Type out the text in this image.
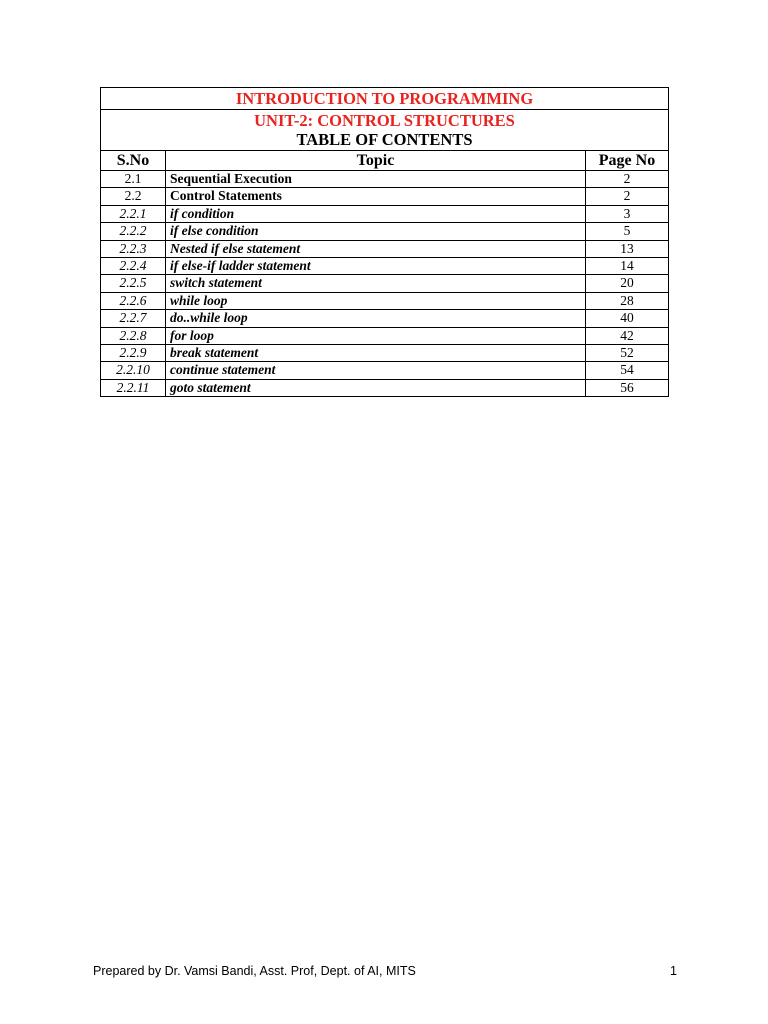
INTRODUCTION TO PROGRAMMING		
UNIT-2: CONTROL STRUCTURES
TABLE OF CONTENTS		

S.No	Topic	Page No
2.1	Sequential Execution	2
2.2	Control Statements	2
2.2.1	if condition	3
2.2.2	if else condition	5
2.2.3	Nested if else statement	13
2.2.4	if else-if ladder statement	14
2.2.5	switch statement	20
2.2.6	while loop	28
2.2.7	do..while loop	40
2.2.8	for loop	42
2.2.9	break statement	52
2.2.10	continue statement	54
2.2.11	goto statement	56
Prepared by Dr. Vamsi Bandi, Asst. Prof, Dept. of AI, MITS	1
